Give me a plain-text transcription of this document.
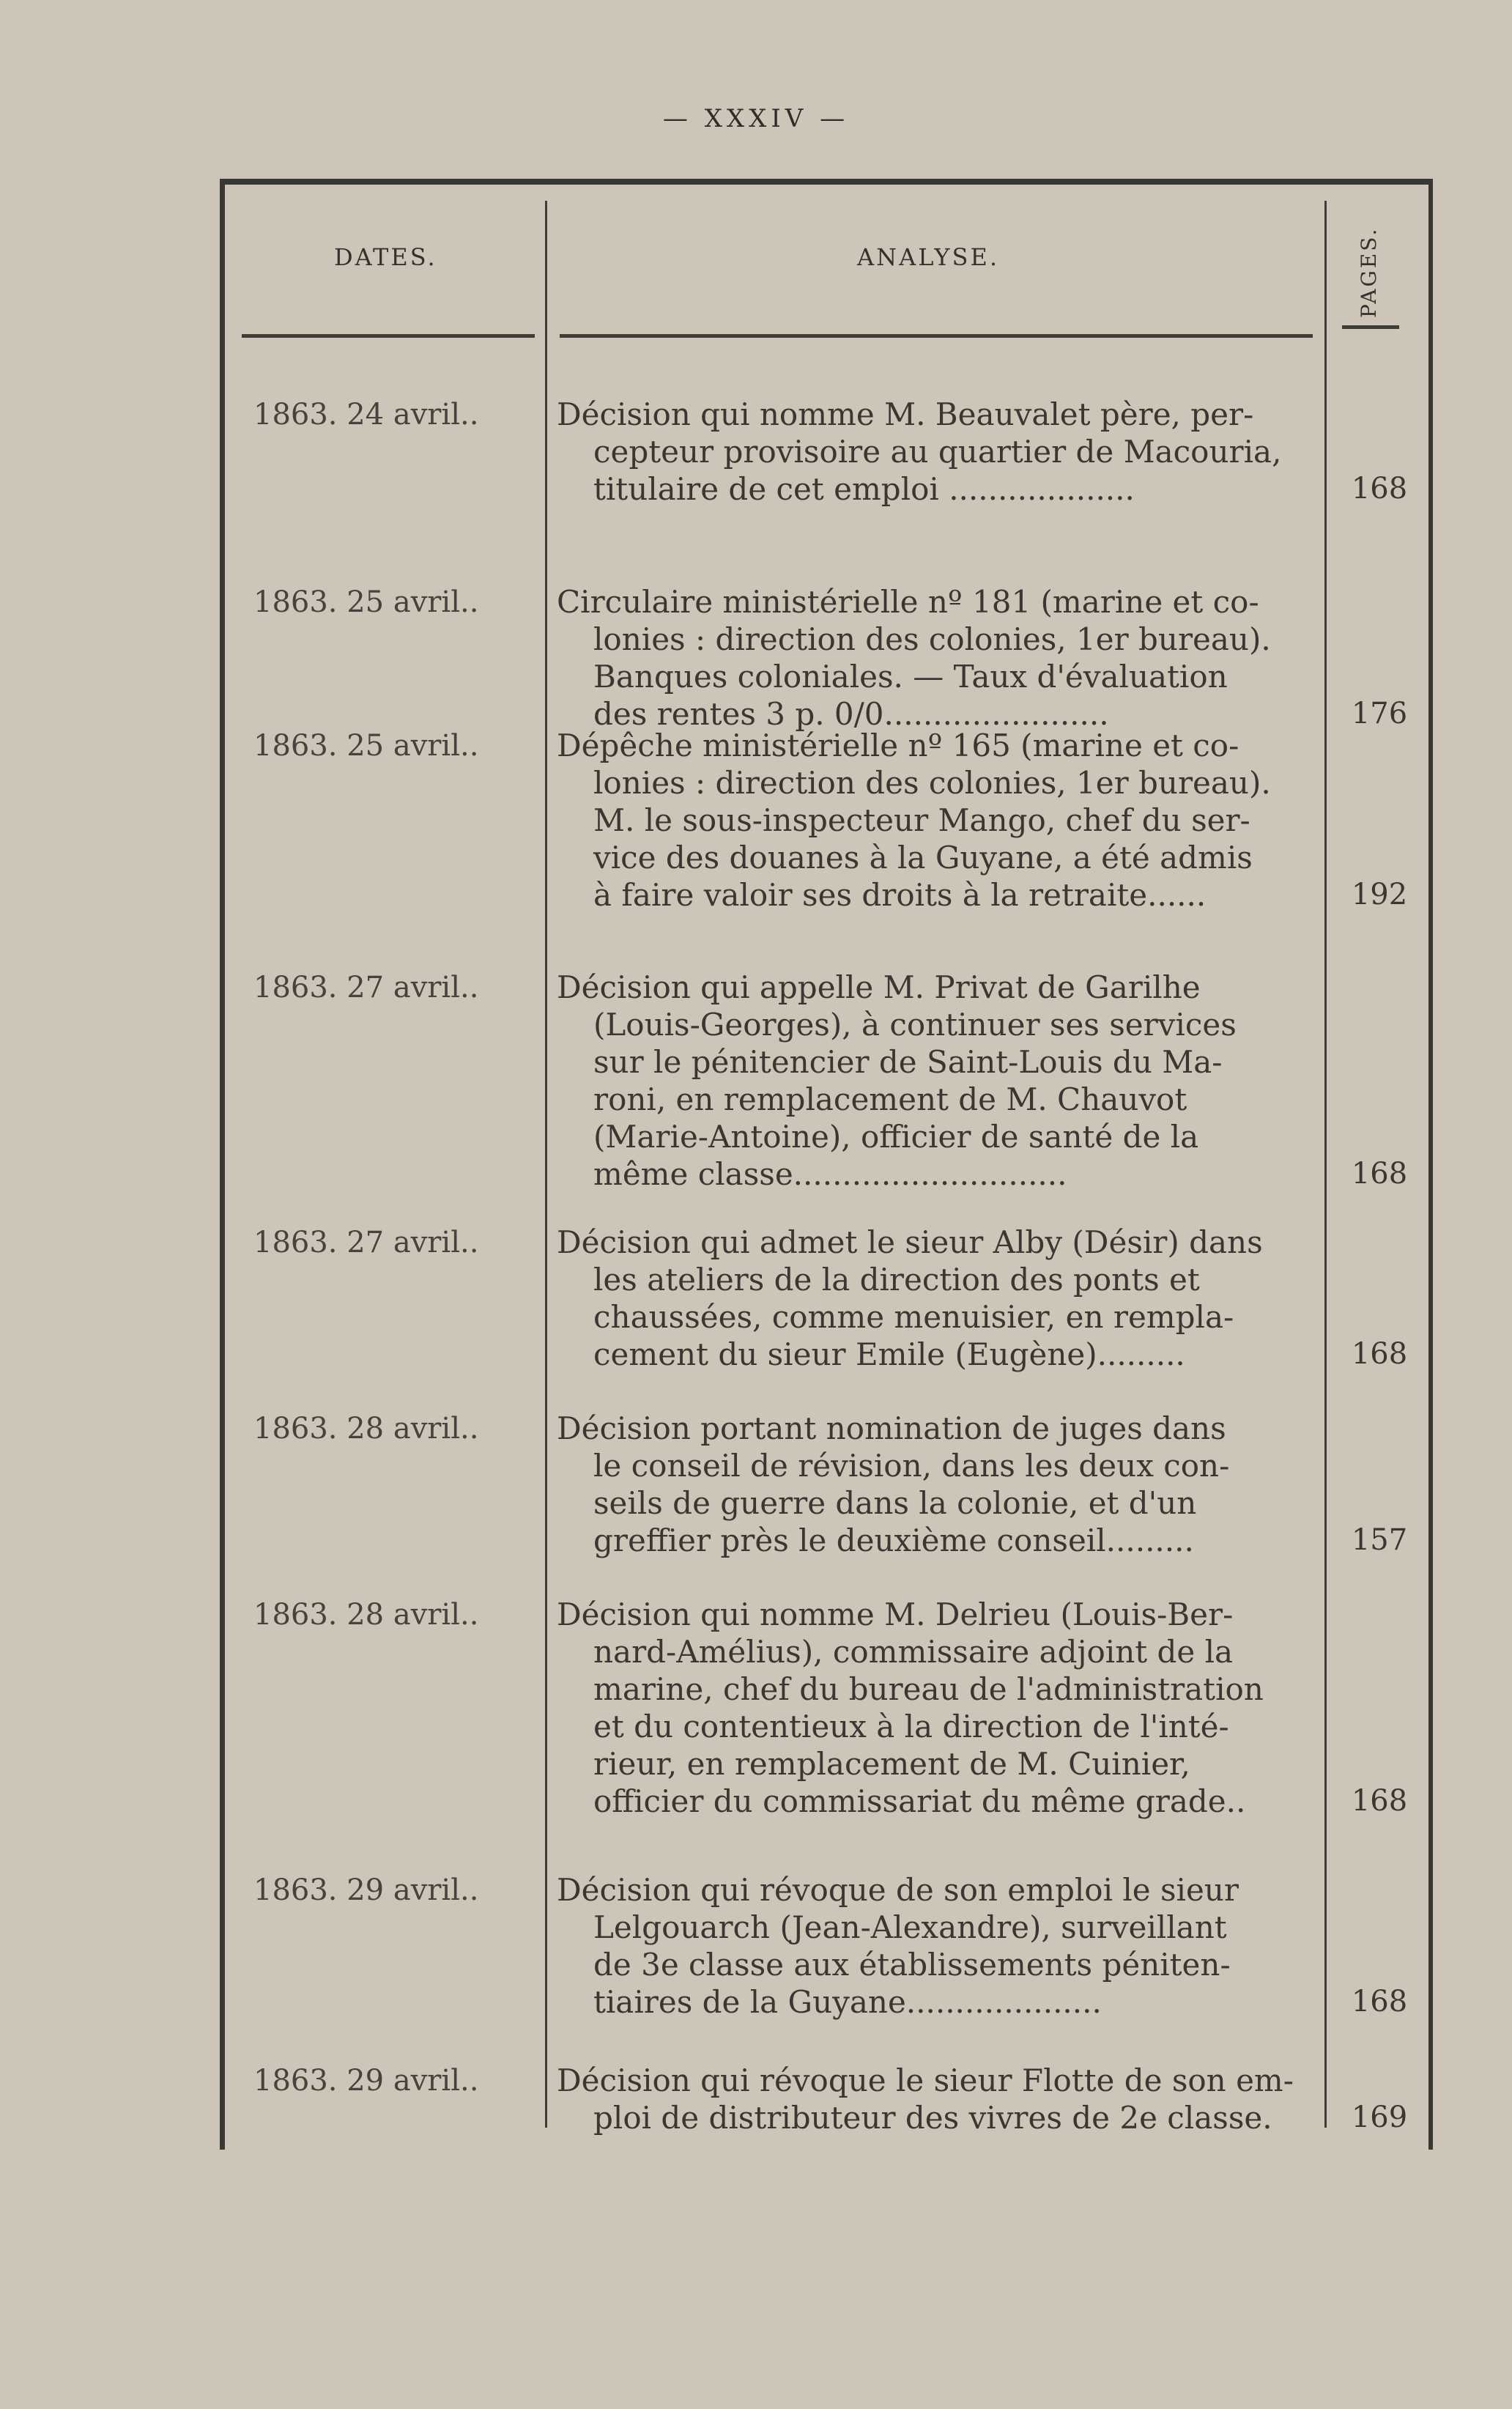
— XXXIV —
DATES.	ANALYSE.	PAGES.
1863. 24 avril..	Décision qui nomme M. Beauvalet père, per-
cepteur provisoire au quartier de Macouria,
titulaire de cet emploi ...................	168
1863. 25 avril..	Circulaire ministérielle nº 181 (marine et co-
lonies : direction des colonies, 1er bureau).
Banques coloniales. — Taux d'évaluation
des rentes 3 p. 0/0.......................	176
1863. 25 avril..	Dépêche ministérielle nº 165 (marine et co-
lonies : direction des colonies, 1er bureau).
M. le sous-inspecteur Mango, chef du ser-
vice des douanes à la Guyane, a été admis
à faire valoir ses droits à la retraite......	192
1863. 27 avril..	Décision qui appelle M. Privat de Garilhe
(Louis-Georges), à continuer ses services
sur le pénitencier de Saint-Louis du Ma-
roni, en remplacement de M. Chauvot
(Marie-Antoine), officier de santé de la
même classe............................	168
1863. 27 avril..	Décision qui admet le sieur Alby (Désir) dans
les ateliers de la direction des ponts et
chaussées, comme menuisier, en rempla-
cement du sieur Emile (Eugène).........	168
1863. 28 avril..	Décision portant nomination de juges dans
le conseil de révision, dans les deux con-
seils de guerre dans la colonie, et d'un
greffier près le deuxième conseil.........	157
1863. 28 avril..	Décision qui nomme M. Delrieu (Louis-Ber-
nard-Amélius), commissaire adjoint de la
marine, chef du bureau de l'administration
et du contentieux à la direction de l'inté-
rieur, en remplacement de M. Cuinier,
officier du commissariat du même grade..	168
1863. 29 avril..	Décision qui révoque de son emploi le sieur
Lelgouarch (Jean-Alexandre), surveillant
de 3e classe aux établissements péniten-
tiaires de la Guyane....................	168
1863. 29 avril..	Décision qui révoque le sieur Flotte de son em-
ploi de distributeur des vivres de 2e classe.	169
